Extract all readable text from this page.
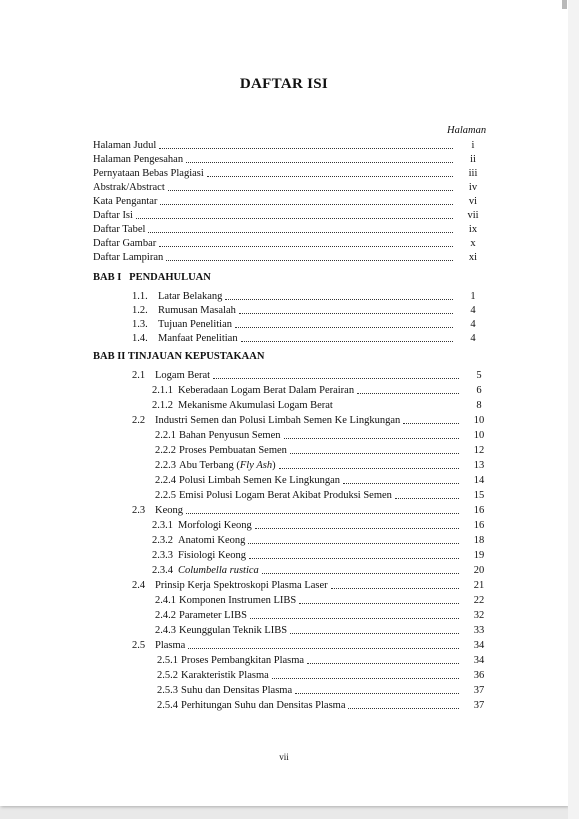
DAFTAR ISI
Halaman
Halaman Judul	i
Halaman Pengesahan	ii
Pernyataan Bebas Plagiasi	iii
Abstrak/Abstract	iv
Kata Pengantar	vi
Daftar Isi	vii
Daftar Tabel	ix
Daftar Gambar	x
Daftar Lampiran	xi
BAB I   PENDAHULUAN
1.1. Latar Belakang	1
1.2. Rumusan Masalah	4
1.3. Tujuan Penelitian	4
1.4. Manfaat Penelitian	4
BAB II TINJAUAN KEPUSTAKAAN
2.1 Logam Berat	5
2.1.1 Keberadaan Logam Berat Dalam Perairan	6
2.1.2 Mekanisme Akumulasi Logam Berat	8
2.2 Industri Semen dan Polusi Limbah Semen Ke Lingkungan	10
2.2.1 Bahan Penyusun Semen	10
2.2.2 Proses Pembuatan Semen	12
2.2.3 Abu Terbang (Fly Ash)	13
2.2.4 Polusi Limbah Semen Ke Lingkungan	14
2.2.5 Emisi Polusi Logam Berat Akibat Produksi Semen	15
2.3 Keong	16
2.3.1 Morfologi Keong	16
2.3.2 Anatomi Keong	18
2.3.3 Fisiologi Keong	19
2.3.4 Columbella rustica	20
2.4 Prinsip Kerja Spektroskopi Plasma Laser	21
2.4.1 Komponen Instrumen LIBS	22
2.4.2 Parameter LIBS	32
2.4.3 Keunggulan Teknik LIBS	33
2.5 Plasma	34
2.5.1 Proses Pembangkitan Plasma	34
2.5.2 Karakteristik Plasma	36
2.5.3 Suhu dan Densitas Plasma	37
2.5.4 Perhitungan Suhu dan Densitas Plasma	37
vii
